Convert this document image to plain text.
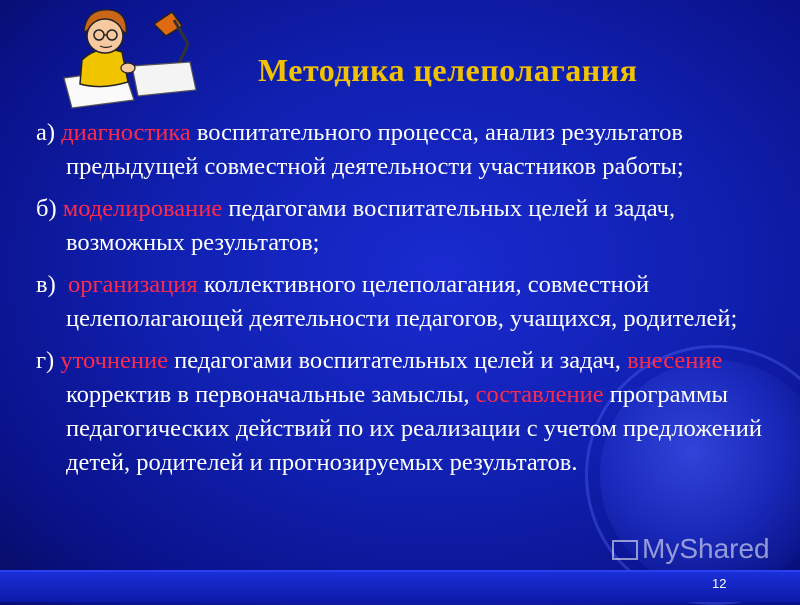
Методика целеполагания
а) диагностика воспитательного процесса, анализ результатов предыдущей совместной деятельности участников работы;
б) моделирование педагогами воспитательных целей и задач, возможных результатов;
в)  организация коллективного целеполагания, совместной целеполагающей деятельности педагогов, учащихся, родителей;
г) уточнение педагогами воспитательных целей и задач, внесение корректив в первоначальные замыслы, составление программы педагогических действий по их реализации с учетом предложений детей, родителей и прогнозируемых результатов.
MyShared
12
